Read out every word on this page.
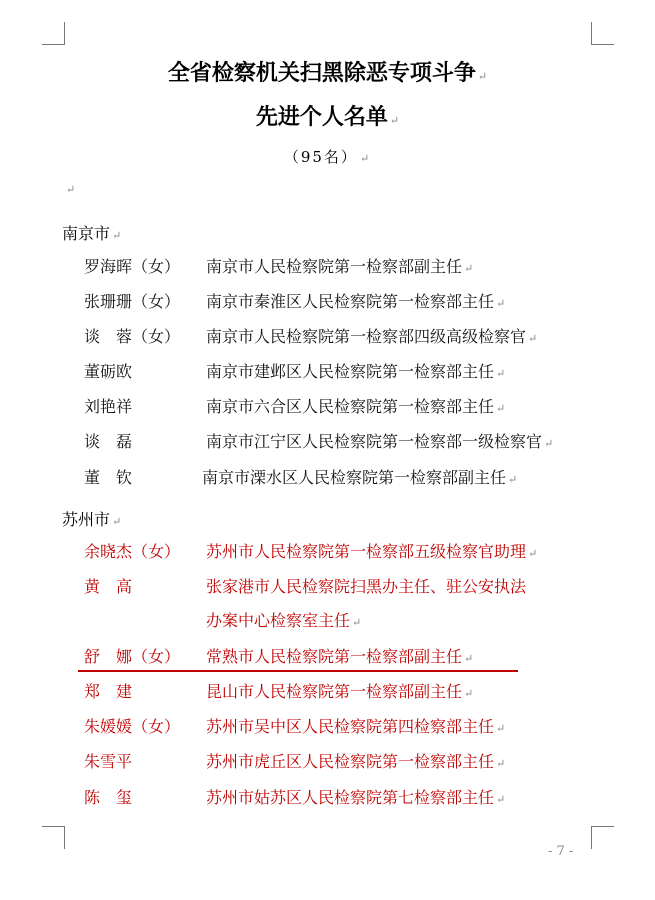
全省检察机关扫黑除恶专项斗争 ↵
先进个人名单 ↵
（95名） ↵
↵
南京市 ↵
罗海晖（女） 南京市人民检察院第一检察部副主任 ↵
张珊珊（女） 南京市秦淮区人民检察院第一检察部主任 ↵
谈　蓉（女） 南京市人民检察院第一检察部四级高级检察官 ↵
董砺欧	南京市建邺区人民检察院第一检察部主任 ↵
刘艳祥	南京市六合区人民检察院第一检察部主任 ↵
谈　磊	南京市江宁区人民检察院第一检察部一级检察官 ↵
董　钦	南京市溧水区人民检察院第一检察部副主任 ↵
苏州市 ↵
余晓杰（女） 苏州市人民检察院第一检察部五级检察官助理 ↵
黄　高	张家港市人民检察院扫黑办主任、驻公安执法
办案中心检察室主任 ↵
舒　娜（女） 常熟市人民检察院第一检察部副主任 ↵
郑　建	昆山市人民检察院第一检察部副主任 ↵
朱媛媛（女） 苏州市吴中区人民检察院第四检察部主任 ↵
朱雪平	苏州市虎丘区人民检察院第一检察部主任 ↵
陈　玺	苏州市姑苏区人民检察院第七检察部主任 ↵
- 7 -
